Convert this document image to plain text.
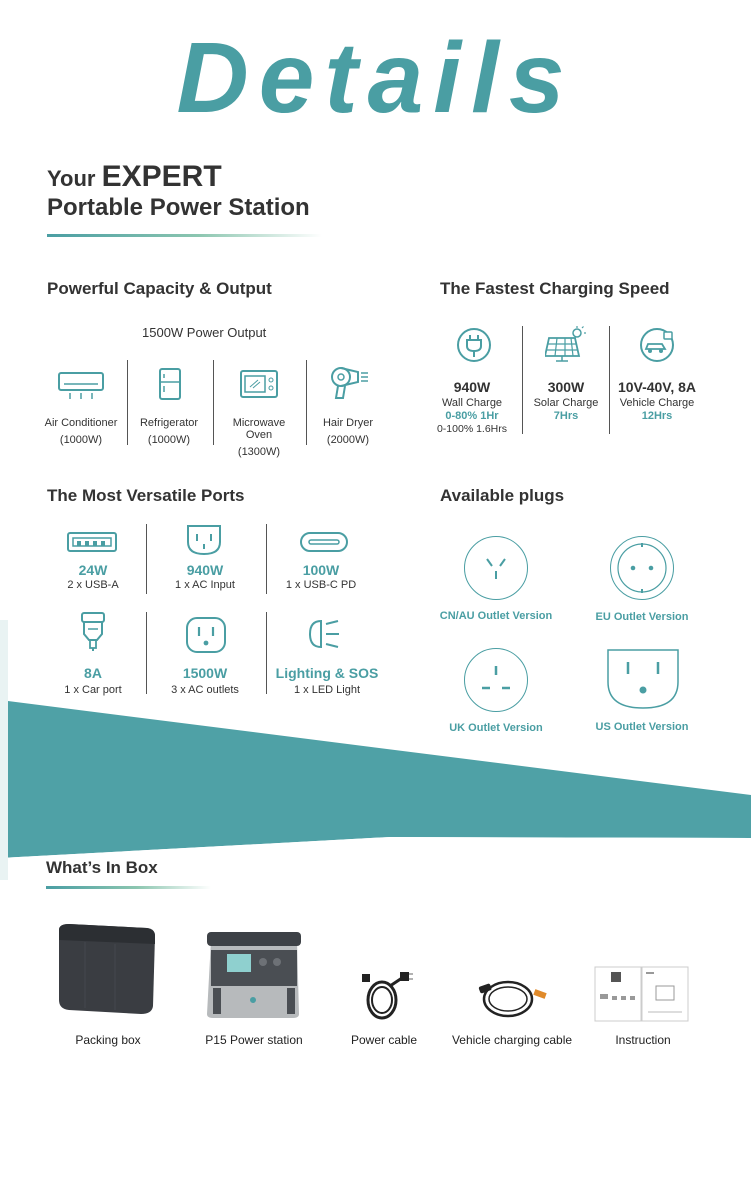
Details
Your EXPERT
Portable Power Station
Powerful Capacity & Output
1500W Power Output
Air Conditioner
(1000W)
Refrigerator
(1000W)
Microwave Oven
(1300W)
Hair Dryer
(2000W)
The Fastest Charging Speed
940W
Wall Charge
0-80% 1Hr
0-100% 1.6Hrs
300W
Solar Charge
7Hrs
10V-40V, 8A
Vehicle Charge
12Hrs
The Most Versatile Ports
24W
2 x USB-A
940W
1 x AC Input
100W
1 x USB-C PD
8A
1 x Car port
1500W
3 x AC outlets
Lighting & SOS
1 x LED Light
Available plugs
CN/AU Outlet Version	EU Outlet Version
UK Outlet Version	US Outlet Version
What’s In Box
Packing box	P15 Power station	Power cable	Vehicle charging cable	Instruction
